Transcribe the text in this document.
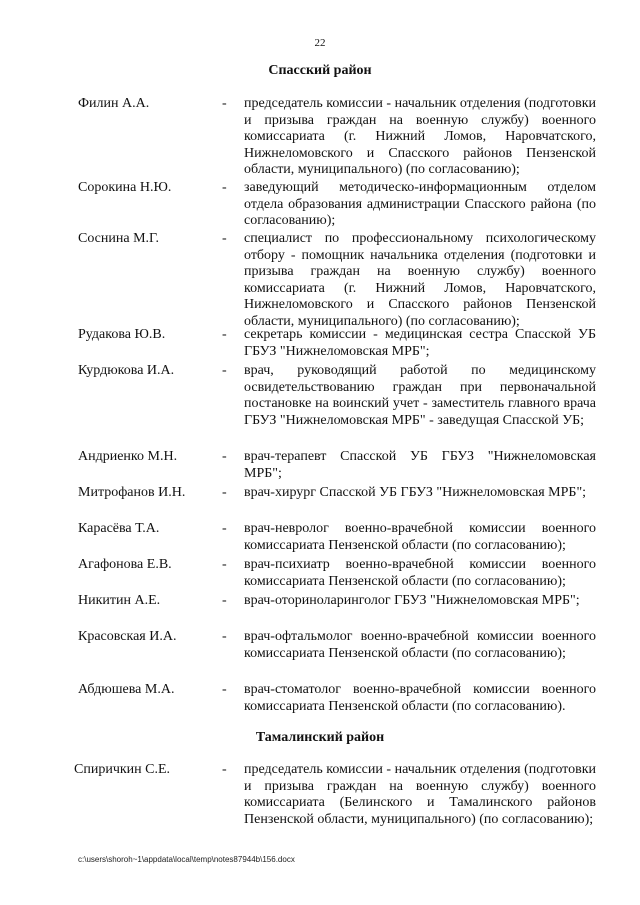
22
Спасский район
Филин А.А.	- председатель комиссии - начальник отделения (подготовки и призыва граждан на военную службу) военного комиссариата (г. Нижний Ломов, Наровчатского, Нижнеломовского и Спасского районов Пензенской области, муниципального) (по согласованию);
Сорокина Н.Ю.	- заведующий методическо-информационным отделом отдела образования администрации Спасского района (по согласованию);
Соснина М.Г.	- специалист по профессиональному психологическому отбору - помощник начальника отделения (подготовки и призыва граждан на военную службу) военного комиссариата (г. Нижний Ломов, Наровчатского, Нижнеломовского и Спасского районов Пензенской области, муниципального) (по согласованию);
Рудакова Ю.В.	- секретарь комиссии - медицинская сестра Спасской УБ ГБУЗ "Нижнеломовская МРБ";
Курдюкова И.А.	- врач, руководящий работой по медицинскому освидетельствованию граждан при первоначальной постановке на воинский учет - заместитель главного врача ГБУЗ "Нижнеломовская МРБ" - заведущая Спасской УБ;
Андриенко М.Н.	- врач-терапевт Спасской УБ ГБУЗ "Нижнеломовская МРБ";
Митрофанов И.Н.	- врач-хирург Спасской УБ ГБУЗ "Нижнеломовская МРБ";
Карасёва Т.А.	- врач-невролог военно-врачебной комиссии военного комиссариата Пензенской области (по согласованию);
Агафонова Е.В.	- врач-психиатр военно-врачебной комиссии военного комиссариата Пензенской области (по согласованию);
Никитин А.Е.	- врач-оториноларинголог ГБУЗ "Нижнеломовская МРБ";
Красовская И.А.	- врач-офтальмолог военно-врачебной комиссии военного комиссариата Пензенской области (по согласованию);
Абдюшева М.А.	- врач-стоматолог военно-врачебной комиссии военного комиссариата Пензенской области (по согласованию).
Тамалинский район
Спиричкин С.Е.	- председатель комиссии - начальник отделения (подготовки и призыва граждан на военную службу) военного комиссариата (Белинского и Тамалинского районов Пензенской области, муниципального) (по согласованию);
c:\users\shoroh~1\appdata\local\temp\notes87944b\156.docx
